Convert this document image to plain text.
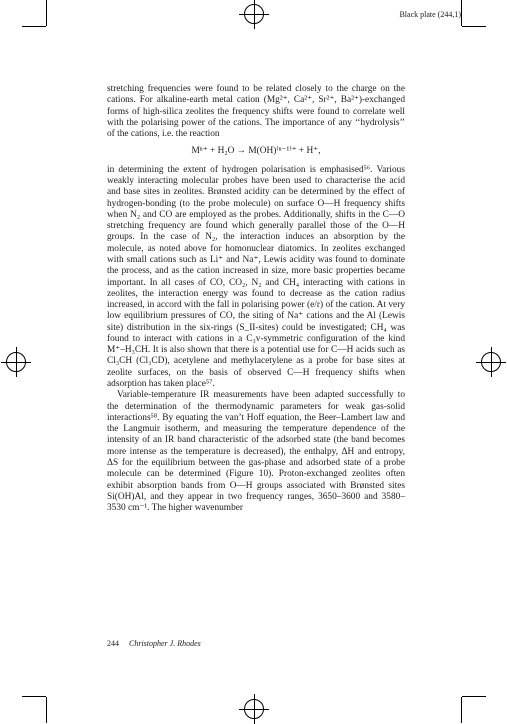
Black plate (244,1)

stretching frequencies were found to be related closely to the charge on the cations. For alkaline-earth metal cation (Mg²⁺, Ca²⁺, Sr²⁺, Ba²⁺)-exchanged forms of high-silica zeolites the frequency shifts were found to correlate well with the polarising power of the cations. The importance of any ‘‘hydrolysis’’ of the cations, i.e. the reaction

Mⁿ⁺ + H₂O → M(OH)⁽ⁿ⁻¹⁾⁺ + H⁺,

in determining the extent of hydrogen polarisation is emphasised⁵⁶. Various weakly interacting molecular probes have been used to characterise the acid and base sites in zeolites. Brønsted acidity can be determined by the effect of hydrogen-bonding (to the probe molecule) on surface O—H frequency shifts when N₂ and CO are employed as the probes. Additionally, shifts in the C—O stretching frequency are found which generally parallel those of the O—H groups. In the case of N₂, the interaction induces an absorption by the molecule, as noted above for homonuclear diatomics. In zeolites exchanged with small cations such as Li⁺ and Na⁺, Lewis acidity was found to dominate the process, and as the cation increased in size, more basic properties became important. In all cases of CO, CO₂, N₂ and CH₄ interacting with cations in zeolites, the interaction energy was found to decrease as the cation radius increased, in accord with the fall in polarising power (e/r) of the cation. At very low equilibrium pressures of CO, the siting of Na⁺ cations and the Al (Lewis site) distribution in the six-rings (S_II-sites) could be investigated; CH₄ was found to interact with cations in a C₃v-symmetric configuration of the kind M⁺–H₃CH. It is also shown that there is a potential use for C—H acids such as Cl₃CH (Cl₃CD), acetylene and methylacetylene as a probe for base sites at zeolite surfaces, on the basis of observed C—H frequency shifts when adsorption has taken place⁵⁷.

Variable-temperature IR measurements have been adapted successfully to the determination of the thermodynamic parameters for weak gas-solid interactions⁵⁸. By equating the van’t Hoff equation, the Beer–Lambert law and the Langmuir isotherm, and measuring the temperature dependence of the intensity of an IR band characteristic of the adsorbed state (the band becomes more intense as the temperature is decreased), the enthalpy, ΔH and entropy, ΔS for the equilibrium between the gas-phase and adsorbed state of a probe molecule can be determined (Figure 10). Proton-exchanged zeolites often exhibit absorption bands from O—H groups associated with Brønsted sites Si(OH)Al, and they appear in two frequency ranges, 3650–3600 and 3580–3530 cm⁻¹. The higher wavenumber

244 Christopher J. Rhodes
